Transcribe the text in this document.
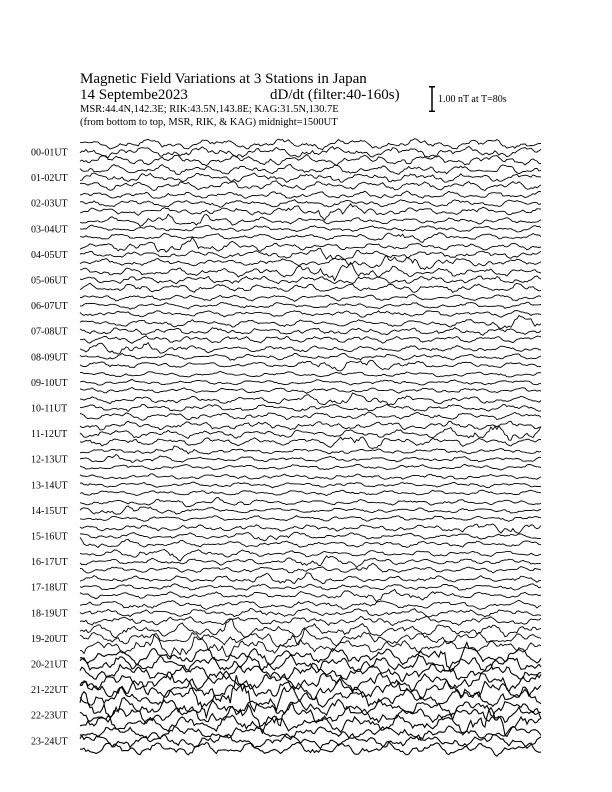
Magnetic Field Variations at 3 Stations in Japan
14 Septembe2023	dD/dt (filter:40-160s)
MSR:44.4N,142.3E; RIK:43.5N,143.8E; KAG:31.5N,130.7E
(from bottom to top, MSR, RIK, & KAG) midnight=1500UT
1.00 nT at T=80s
00-01UT
01-02UT
02-03UT
03-04UT
04-05UT
05-06UT
06-07UT
07-08UT
08-09UT
09-10UT
10-11UT
11-12UT
12-13UT
13-14UT
14-15UT
15-16UT
16-17UT
17-18UT
18-19UT
19-20UT
20-21UT
21-22UT
22-23UT
23-24UT
